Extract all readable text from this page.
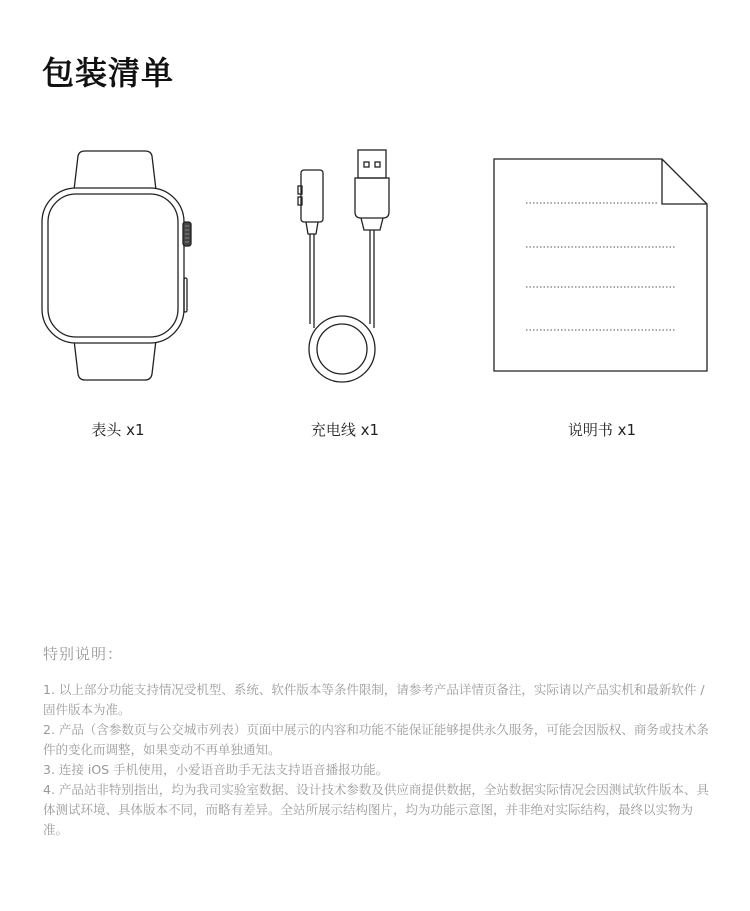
包装清单
表头 x1	充电线 x1	说明书 x1
特别说明：

1. 以上部分功能支持情况受机型、系统、软件版本等条件限制，请参考产品详情页备注，实际请以产品实机和最新软件 / 固件版本为准。

2. 产品（含参数页与公交城市列表）页面中展示的内容和功能不能保证能够提供永久服务，可能会因版权、商务或技术条件的变化而调整，如果变动不再单独通知。

3. 连接 iOS 手机使用，小爱语音助手无法支持语音播报功能。

4. 产品站非特别指出，均为我司实验室数据、设计技术参数及供应商提供数据，全站数据实际情况会因测试软件版本、具体测试环境、具体版本不同，而略有差异。全站所展示结构图片，均为功能示意图，并非绝对实际结构，最终以实物为准。
